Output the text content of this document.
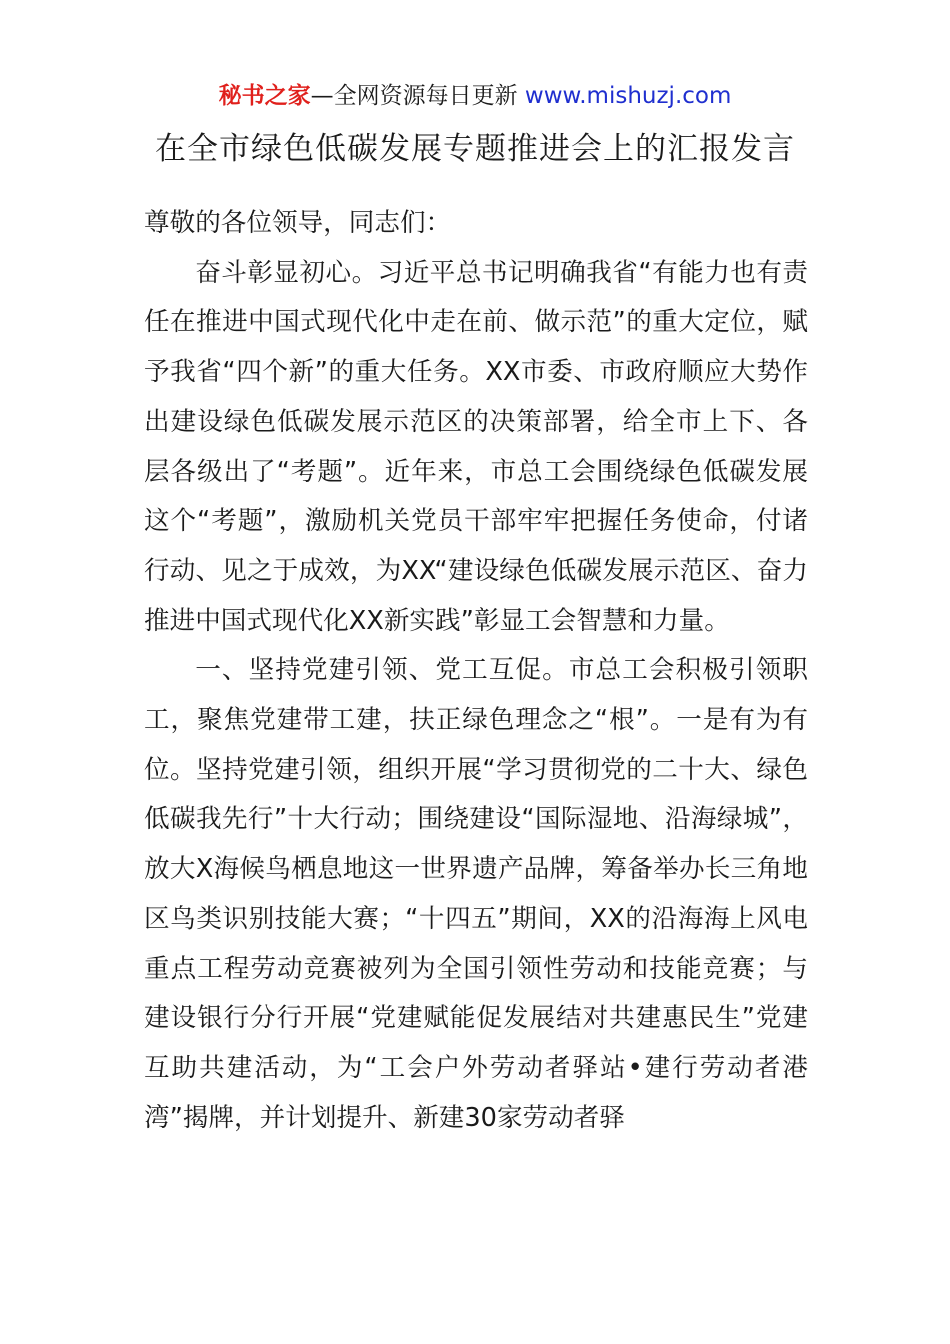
秘书之家—全网资源每日更新 www.mishuzj.com
在全市绿色低碳发展专题推进会上的汇报发言

尊敬的各位领导，同志们：

奋斗彰显初心。习近平总书记明确我省“有能力也有责任在推进中国式现代化中走在前、做示范”的重大定位，赋予我省“四个新”的重大任务。XX市委、市政府顺应大势作出建设绿色低碳发展示范区的决策部署，给全市上下、各层各级出了“考题”。近年来，市总工会围绕绿色低碳发展这个“考题”，激励机关党员干部牢牢把握任务使命，付诸行动、见之于成效，为XX“建设绿色低碳发展示范区、奋力推进中国式现代化XX新实践”彰显工会智慧和力量。

一、坚持党建引领、党工互促。市总工会积极引领职工，聚焦党建带工建，扶正绿色理念之“根”。一是有为有位。坚持党建引领，组织开展“学习贯彻党的二十大、绿色低碳我先行”十大行动；围绕建设“国际湿地、沿海绿城”，放大X海候鸟栖息地这一世界遗产品牌，筹备举办长三角地区鸟类识别技能大赛；“十四五”期间，XX的沿海海上风电重点工程劳动竞赛被列为全国引领性劳动和技能竞赛；与建设银行分行开展“党建赋能促发展结对共建惠民生”党建互助共建活动，为“工会户外劳动者驿站•建行劳动者港湾”揭牌，并计划提升、新建30家劳动者驿
